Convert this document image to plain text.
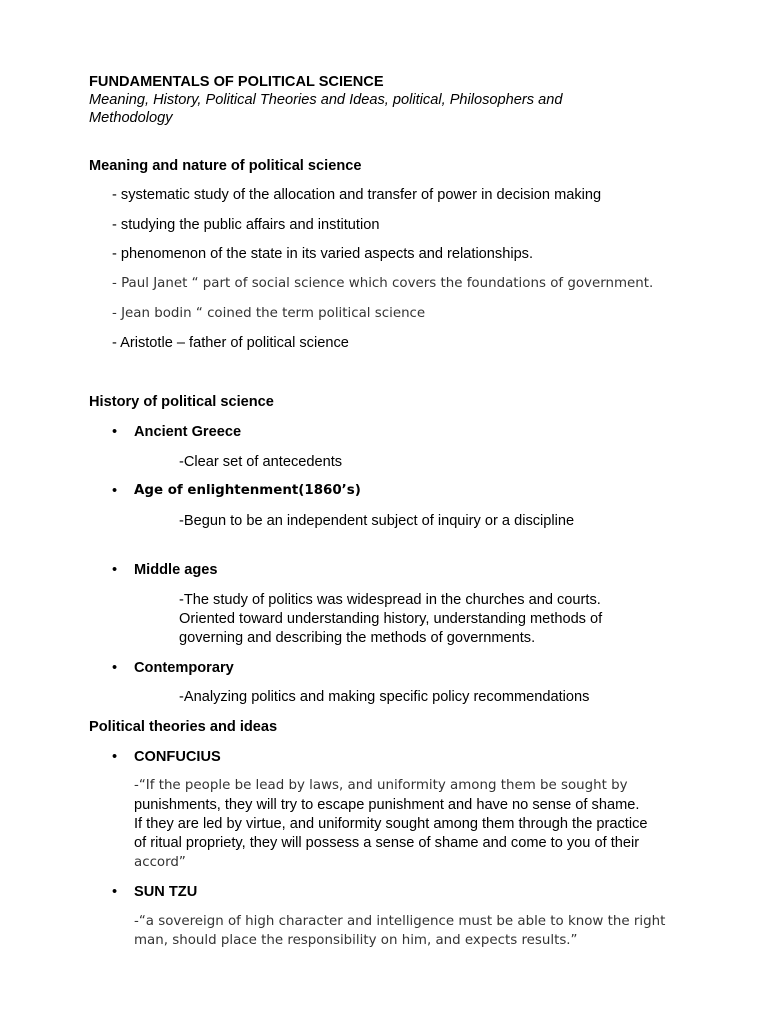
FUNDAMENTALS OF POLITICAL SCIENCE
Meaning, History, Political Theories and Ideas, political, Philosophers and
Methodology
Meaning and nature of political science
- systematic study of the allocation and transfer of power in decision making
- studying the public affairs and institution
- phenomenon of the state in its varied aspects and relationships.
- Paul Janet “ part of social science which covers the foundations of government.
- Jean bodin “ coined the term political science
- Aristotle – father of political science
History of political science
• Ancient Greece
-Clear set of antecedents
• Age of enlightenment(1860’s)
-Begun to be an independent subject of inquiry or a discipline
• Middle ages
-The study of politics was widespread in the churches and courts.
Oriented toward understanding history, understanding methods of
governing and describing the methods of governments.
• Contemporary
-Analyzing politics and making specific policy recommendations
Political theories and ideas
• CONFUCIUS
-“If the people be lead by laws, and uniformity among them be sought by
punishments, they will try to escape punishment and have no sense of shame.
If they are led by virtue, and uniformity sought among them through the practice
of ritual propriety, they will possess a sense of shame and come to you of their
accord”
• SUN TZU
-“a sovereign of high character and intelligence must be able to know the right
man, should place the responsibility on him, and expects results.”
